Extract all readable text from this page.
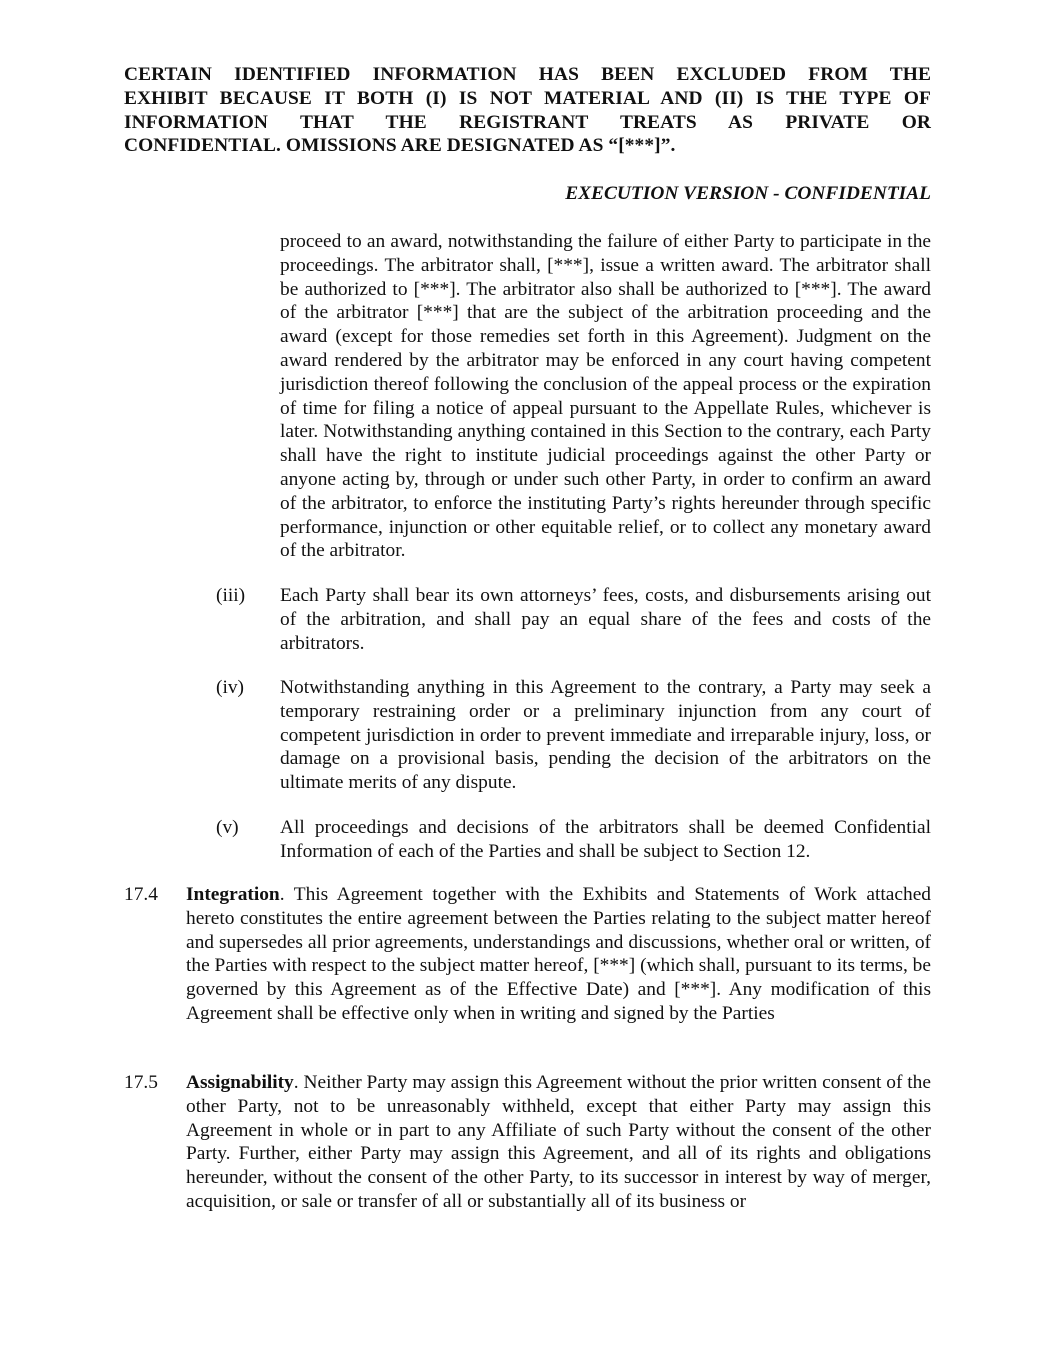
CERTAIN IDENTIFIED INFORMATION HAS BEEN EXCLUDED FROM THE
EXHIBIT BECAUSE IT BOTH (I) IS NOT MATERIAL AND (II) IS THE TYPE OF
INFORMATION THAT THE REGISTRANT TREATS AS PRIVATE OR
CONFIDENTIAL. OMISSIONS ARE DESIGNATED AS “[***]”.
EXECUTION VERSION - CONFIDENTIAL
proceed to an award, notwithstanding the failure of either Party to participate in the proceedings. The arbitrator shall, [***], issue a written award. The arbitrator shall be authorized to [***]. The arbitrator also shall be authorized to [***]. The award of the arbitrator [***] that are the subject of the arbitration proceeding and the award (except for those remedies set forth in this Agreement). Judgment on the award rendered by the arbitrator may be enforced in any court having competent jurisdiction thereof following the conclusion of the appeal process or the expiration of time for filing a notice of appeal pursuant to the Appellate Rules, whichever is later. Notwithstanding anything contained in this Section to the contrary, each Party shall have the right to institute judicial proceedings against the other Party or anyone acting by, through or under such other Party, in order to confirm an award of the arbitrator, to enforce the instituting Party’s rights hereunder through specific performance, injunction or other equitable relief, or to collect any monetary award of the arbitrator.
(iii) Each Party shall bear its own attorneys’ fees, costs, and disbursements arising out of the arbitration, and shall pay an equal share of the fees and costs of the arbitrators.
(iv) Notwithstanding anything in this Agreement to the contrary, a Party may seek a temporary restraining order or a preliminary injunction from any court of competent jurisdiction in order to prevent immediate and irreparable injury, loss, or damage on a provisional basis, pending the decision of the arbitrators on the ultimate merits of any dispute.
(v) All proceedings and decisions of the arbitrators shall be deemed Confidential Information of each of the Parties and shall be subject to Section 12.
17.4 Integration. This Agreement together with the Exhibits and Statements of Work attached hereto constitutes the entire agreement between the Parties relating to the subject matter hereof and supersedes all prior agreements, understandings and discussions, whether oral or written, of the Parties with respect to the subject matter hereof, [***] (which shall, pursuant to its terms, be governed by this Agreement as of the Effective Date) and [***]. Any modification of this Agreement shall be effective only when in writing and signed by the Parties
17.5 Assignability. Neither Party may assign this Agreement without the prior written consent of the other Party, not to be unreasonably withheld, except that either Party may assign this Agreement in whole or in part to any Affiliate of such Party without the consent of the other Party. Further, either Party may assign this Agreement, and all of its rights and obligations hereunder, without the consent of the other Party, to its successor in interest by way of merger, acquisition, or sale or transfer of all or substantially all of its business or
